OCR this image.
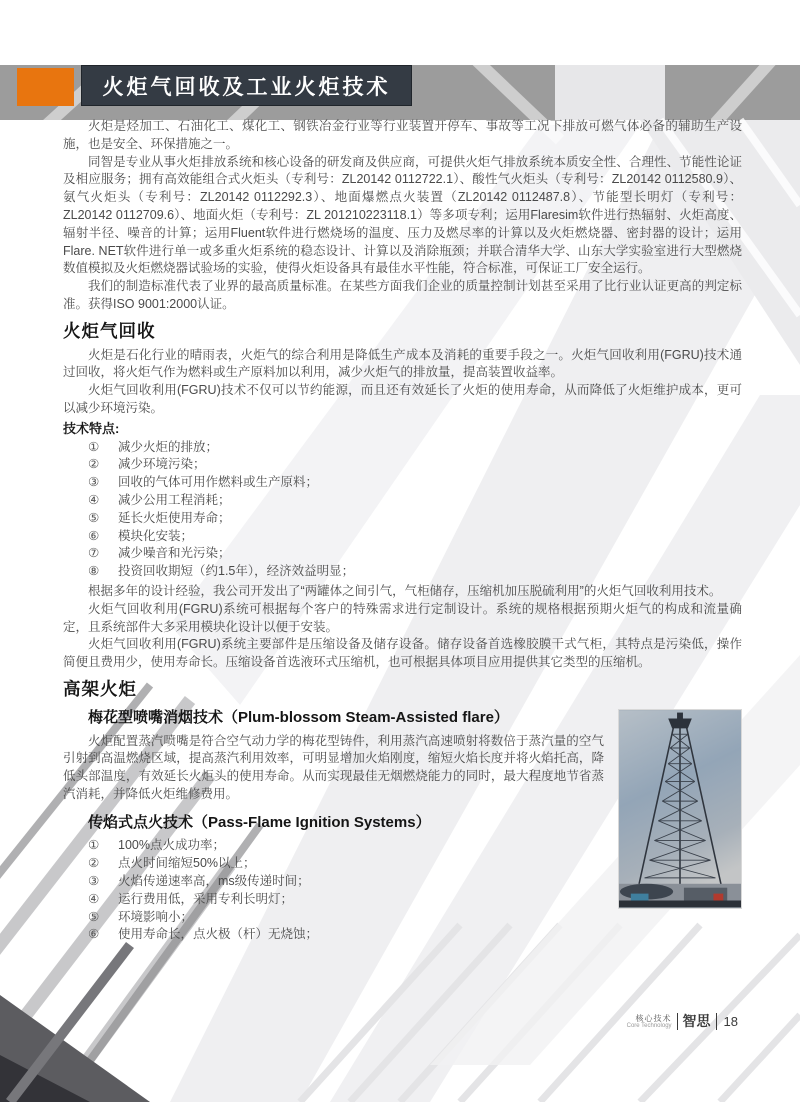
火炬气回收及工业火炬技术

火炬是烃加工、石油化工、煤化工、钢铁冶金行业等行业装置开停车、事故等工况下排放可燃气体必备的辅助生产设施，也是安全、环保措施之一。

同智是专业从事火炬排放系统和核心设备的研发商及供应商，可提供火炬气排放系统本质安全性、合理性、节能性论证及相应服务；拥有高效能组合式火炬头（专利号：ZL20142 0112722.1）、酸性气火炬头（专利号：ZL20142 0112580.9）、氨气火炬头（专利号：ZL20142 0112292.3）、地面爆燃点火装置（ZL20142 0112487.8）、节能型长明灯（专利号：ZL20142 0112709.6）、地面火炬（专利号：ZL 201210223118.1）等多项专利；运用Flaresim软件进行热辐射、火炬高度、辐射半径、噪音的计算；运用Fluent软件进行燃烧场的温度、压力及燃尽率的计算以及火炬燃烧器、密封器的设计；运用Flare. NET软件进行单一或多重火炬系统的稳态设计、计算以及消除瓶颈；并联合清华大学、山东大学实验室进行大型燃烧数值模拟及火炬燃烧器试验场的实验，使得火炬设备具有最佳水平性能，符合标准，可保证工厂安全运行。

我们的制造标准代表了业界的最高质量标准。在某些方面我们企业的质量控制计划甚至采用了比行业认证更高的判定标准。获得ISO 9001:2000认证。

火炬气回收

火炬是石化行业的晴雨表，火炬气的综合利用是降低生产成本及消耗的重要手段之一。火炬气回收利用(FGRU)技术通过回收，将火炬气作为燃料或生产原料加以利用，减少火炬气的排放量，提高装置收益率。

火炬气回收利用(FGRU)技术不仅可以节约能源，而且还有效延长了火炬的使用寿命，从而降低了火炬维护成本，更可以减少环境污染。

技术特点:
①	减少火炬的排放；
②	减少环境污染；
③	回收的气体可用作燃料或生产原料；
④	减少公用工程消耗；
⑤	延长火炬使用寿命；
⑥	模块化安装；
⑦	减少噪音和光污染；
⑧	投资回收期短（约1.5年），经济效益明显；

根据多年的设计经验，我公司开发出了“两罐体之间引气，气柜储存，压缩机加压脱硫利用”的火炬气回收利用技术。

火炬气回收利用(FGRU)系统可根据每个客户的特殊需求进行定制设计。系统的规格根据预期火炬气的构成和流量确定，且系统部件大多采用模块化设计以便于安装。

火炬气回收利用(FGRU)系统主要部件是压缩设备及储存设备。储存设备首选橡胶膜干式气柜，其特点是污染低，操作简便且费用少，使用寿命长。压缩设备首选液环式压缩机，也可根据具体项目应用提供其它类型的压缩机。

高架火炬
梅花型喷嘴消烟技术（Plum-blossom Steam-Assisted flare）

火炬配置蒸汽喷嘴是符合空气动力学的梅花型铸件，利用蒸汽高速喷射将数倍于蒸汽量的空气引射到高温燃烧区域，提高蒸汽利用效率，可明显增加火焰刚度，缩短火焰长度并将火焰托高，降低头部温度，有效延长火炬头的使用寿命。从而实现最佳无烟燃烧能力的同时，最大程度地节省蒸汽消耗，并降低火炬维修费用。

传焰式点火技术（Pass-Flame Ignition Systems）
①	100%点火成功率；
②	点火时间缩短50%以上；
③	火焰传递速率高，ms级传递时间；
④	运行费用低，采用专利长明灯；
⑤	环境影响小；
⑥	使用寿命长，点火极（杆）无烧蚀；
核心技术
Core Technology 智思	18
